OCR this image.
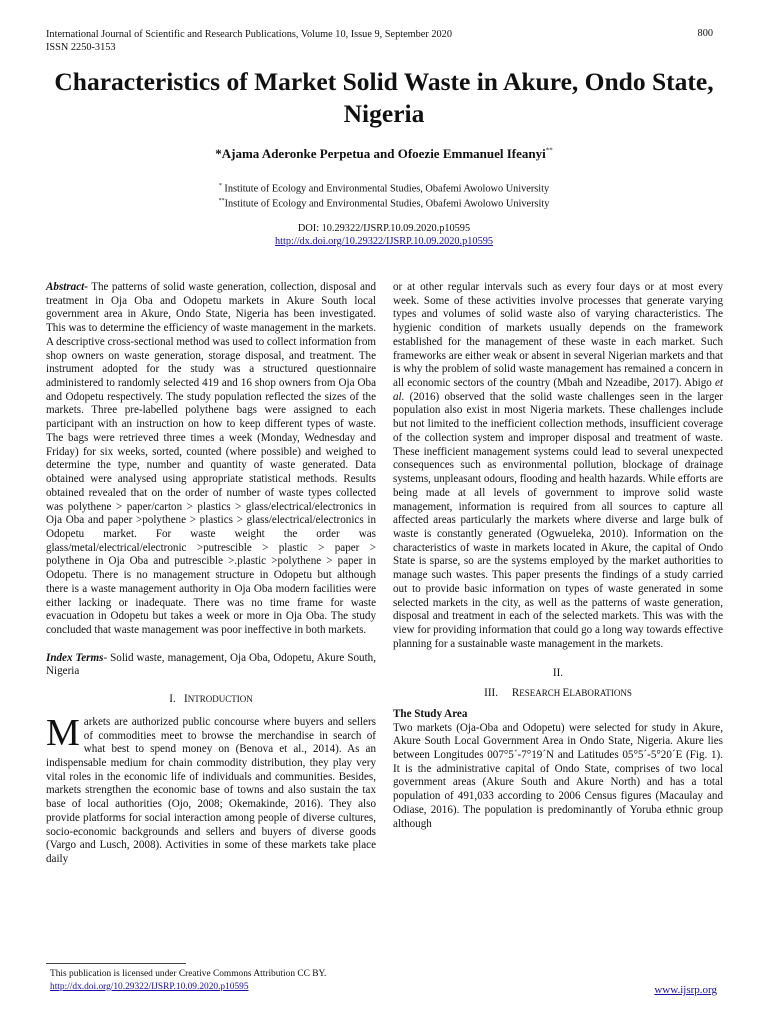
International Journal of Scientific and Research Publications, Volume 10, Issue 9, September 2020
ISSN 2250-3153
800
Characteristics of Market Solid Waste in Akure, Ondo State, Nigeria
*Ajama Aderonke Perpetua and Ofoezie Emmanuel Ifeanyi**
* Institute of Ecology and Environmental Studies, Obafemi Awolowo University
**Institute of Ecology and Environmental Studies, Obafemi Awolowo University
DOI: 10.29322/IJSRP.10.09.2020.p10595
http://dx.doi.org/10.29322/IJSRP.10.09.2020.p10595

Abstract- The patterns of solid waste generation, collection, disposal and treatment in Oja Oba and Odopetu markets in Akure South local government area in Akure, Ondo State, Nigeria has been investigated. This was to determine the efficiency of waste management in the markets. A descriptive cross-sectional method was used to collect information from shop owners on waste generation, storage disposal, and treatment. The instrument adopted for the study was a structured questionnaire administered to randomly selected 419 and 16 shop owners from Oja Oba and Odopetu respectively. The study population reflected the sizes of the markets. Three pre-labelled polythene bags were assigned to each participant with an instruction on how to keep different types of waste. The bags were retrieved three times a week (Monday, Wednesday and Friday) for six weeks, sorted, counted (where possible) and weighed to determine the type, number and quantity of waste generated. Data obtained were analysed using appropriate statistical methods. Results obtained revealed that on the order of number of waste types collected was polythene > paper/carton > plastics > glass/electrical/electronics in Oja Oba and paper >polythene > plastics > glass/electrical/electronics in Odopetu market. For waste weight the order was glass/metal/electrical/electronic >putrescible > plastic > paper > polythene in Oja Oba and putrescible >.plastic >polythene > paper in Odopetu. There is no management structure in Odopetu but although there is a waste management authority in Oja Oba modern facilities were either lacking or inadequate. There was no time frame for waste evacuation in Odopetu but takes a week or more in Oja Oba. The study concluded that waste management was poor ineffective in both markets.

Index Terms- Solid waste, management, Oja Oba, Odopetu, Akure South, Nigeria

I. INTRODUCTION

Markets are authorized public concourse where buyers and sellers of commodities meet to browse the merchandise in search of what best to spend money on (Benova et al., 2014). As an indispensable medium for chain commodity distribution, they play very vital roles in the economic life of individuals and communities. Besides, markets strengthen the economic base of towns and also sustain the tax base of local authorities (Ojo, 2008; Okemakinde, 2016). They also provide platforms for social interaction among people of diverse cultures, socio-economic backgrounds and sellers and buyers of diverse goods (Vargo and Lusch, 2008). Activities in some of these markets take place daily

or at other regular intervals such as every four days or at most every week. Some of these activities involve processes that generate varying types and volumes of solid waste also of varying characteristics. The hygienic condition of markets usually depends on the framework established for the management of these waste in each market. Such frameworks are either weak or absent in several Nigerian markets and that is why the problem of solid waste management has remained a concern in all economic sectors of the country (Mbah and Nzeadibe, 2017). Abigo et al. (2016) observed that the solid waste challenges seen in the larger population also exist in most Nigeria markets. These challenges include but not limited to the inefficient collection methods, insufficient coverage of the collection system and improper disposal and treatment of waste. These inefficient management systems could lead to several unexpected consequences such as environmental pollution, blockage of drainage systems, unpleasant odours, flooding and health hazards. While efforts are being made at all levels of government to improve solid waste management, information is required from all sources to capture all affected areas particularly the markets where diverse and large bulk of waste is constantly generated (Ogwueleka, 2010). Information on the characteristics of waste in markets located in Akure, the capital of Ondo State is sparse, so are the systems employed by the market authorities to manage such wastes. This paper presents the findings of a study carried out to provide basic information on types of waste generated in some selected markets in the city, as well as the patterns of waste generation, disposal and treatment in each of the selected markets. This was with the view for providing information that could go a long way towards effective planning for a sustainable waste management in the markets.

II.

III. RESEARCH ELABORATIONS

The Study Area

Two markets (Oja-Oba and Odopetu) were selected for study in Akure, Akure South Local Government Area in Ondo State, Nigeria. Akure lies between Longitudes 007°5´-7°19´N and Latitudes 05°5´-5°20´E (Fig. 1). It is the administrative capital of Ondo State, comprises of two local government areas (Akure South and Akure North) and has a total population of 491,033 according to 2006 Census figures (Macaulay and Odiase, 2016). The population is predominantly of Yoruba ethnic group although

This publication is licensed under Creative Commons Attribution CC BY.
http://dx.doi.org/10.29322/IJSRP.10.09.2020.p10595	www.ijsrp.org
